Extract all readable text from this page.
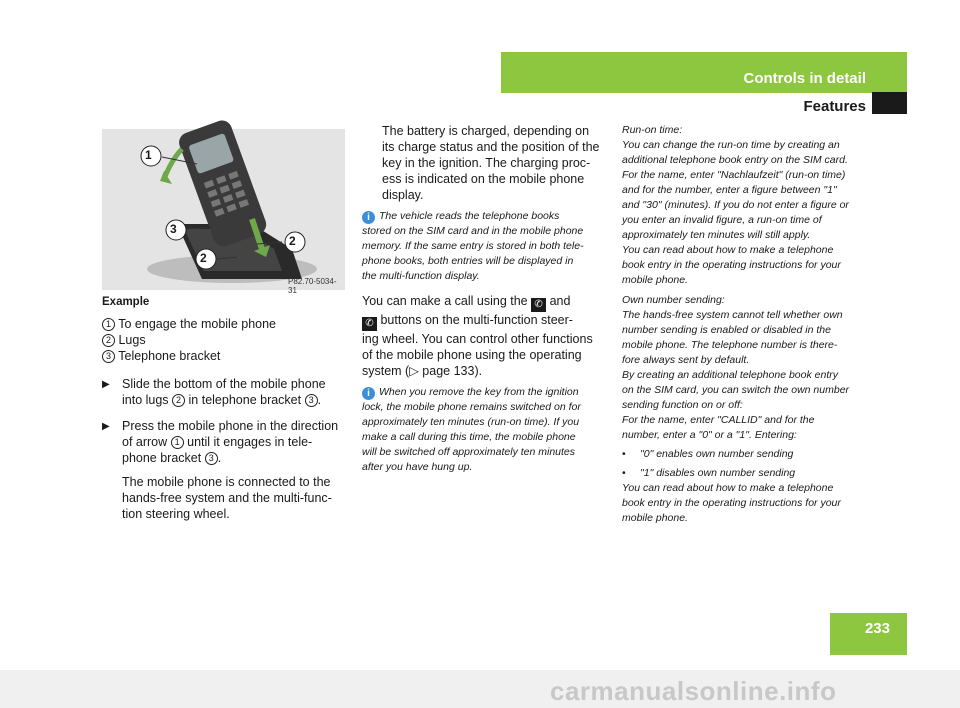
Controls in detail
Features
1
2
3
2
P82.70-5034-31
Example
1 To engage the mobile phone
2 Lugs
3 Telephone bracket
▶ Slide the bottom of the mobile phone
into lugs 2 in telephone bracket 3 .
▶ Press the mobile phone in the direction
of arrow 1 until it engages in tele-
phone bracket 3 .
The mobile phone is connected to the
hands-free system and the multi-func-
tion steering wheel.
The battery is charged, depending on
its charge status and the position of the
key in the ignition. The charging proc-
ess is indicated on the mobile phone
display.
i The vehicle reads the telephone books
stored on the SIM card and in the mobile phone
memory. If the same entry is stored in both tele-
phone books, both entries will be displayed in
the multi-function display.
You can make a call using the ✆ and
✆ buttons on the multi-function steer-
ing wheel. You can control other functions
of the mobile phone using the operating
system (▷ page 133).
i When you remove the key from the ignition
lock, the mobile phone remains switched on for
approximately ten minutes (run-on time). If you
make a call during this time, the mobile phone
will be switched off approximately ten minutes
after you have hung up.
Run-on time:
You can change the run-on time by creating an
additional telephone book entry on the SIM card.
For the name, enter "Nachlaufzeit" (run-on time)
and for the number, enter a figure between "1"
and "30" (minutes). If you do not enter a figure or
you enter an invalid figure, a run-on time of
approximately ten minutes will still apply.
You can read about how to make a telephone
book entry in the operating instructions for your
mobile phone.
Own number sending:
The hands-free system cannot tell whether own
number sending is enabled or disabled in the
mobile phone. The telephone number is there-
fore always sent by default.
By creating an additional telephone book entry
on the SIM card, you can switch the own number
sending function on or off:
For the name, enter "CALLID" and for the
number, enter a "0" or a "1". Entering:
• "0" enables own number sending
• "1" disables own number sending
You can read about how to make a telephone
book entry in the operating instructions for your
mobile phone.
233
carmanualsonline.info
